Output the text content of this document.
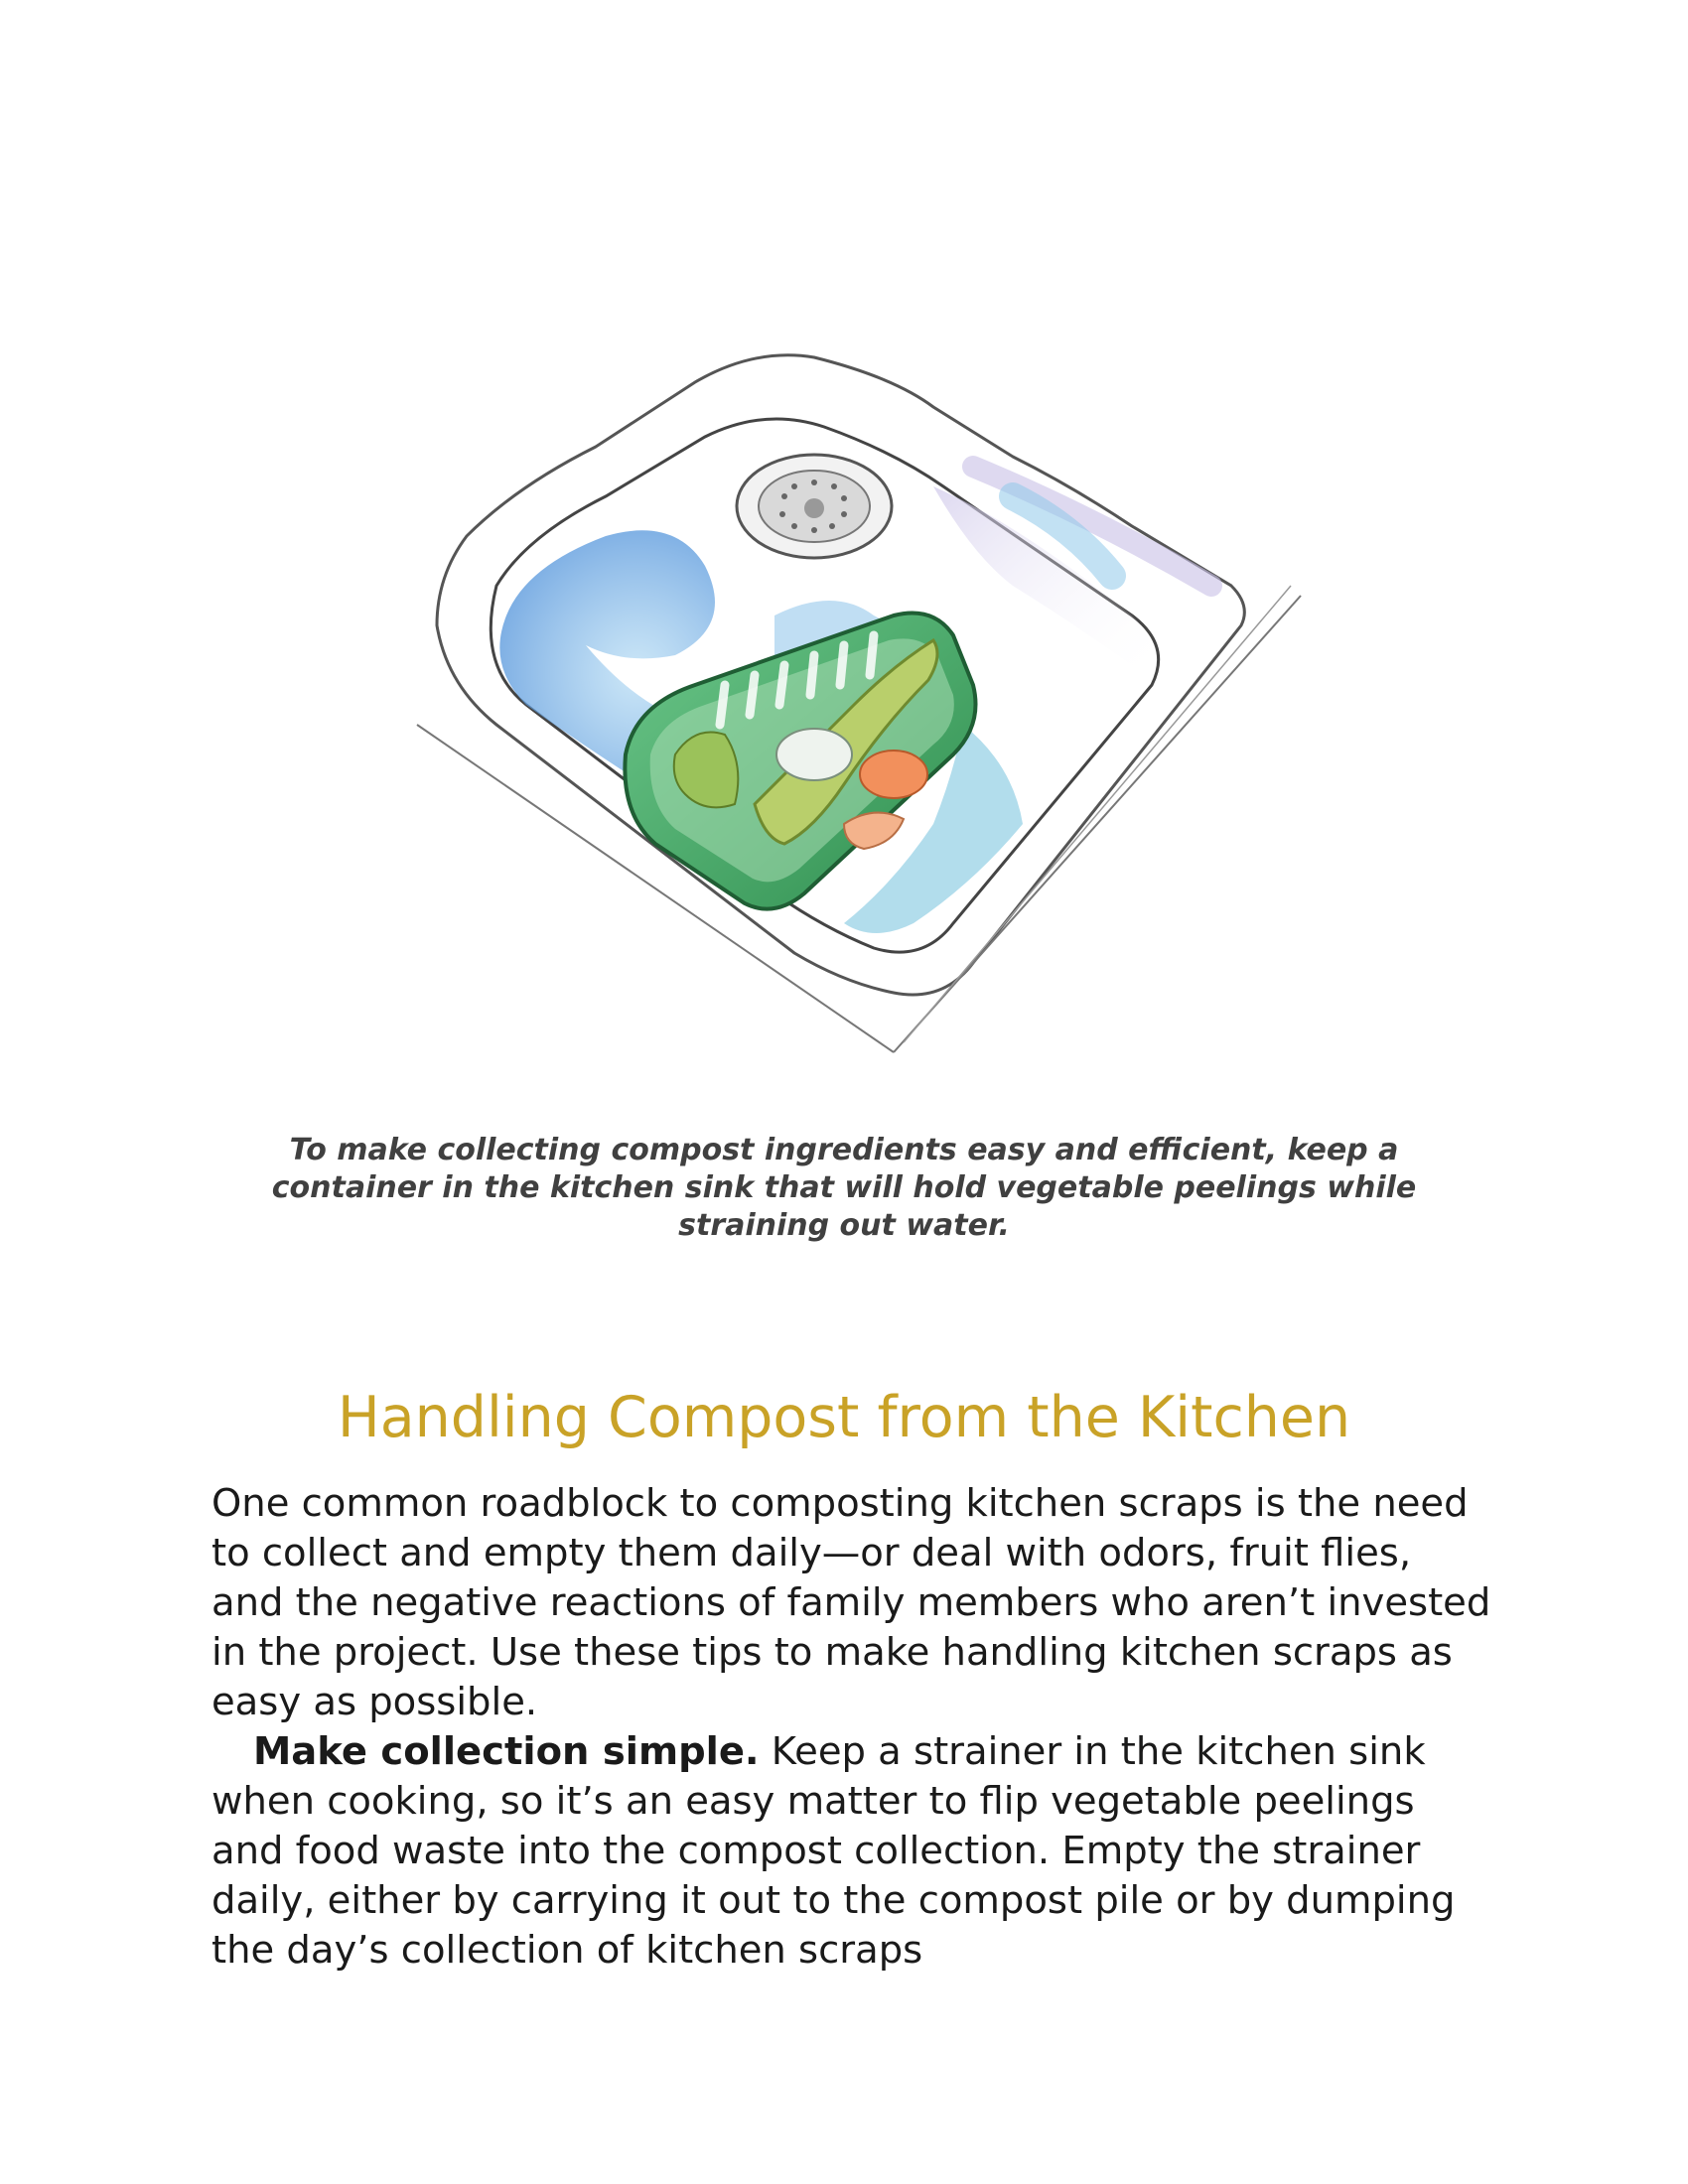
To make collecting compost ingredients easy and efficient, keep a container in the kitchen sink that will hold vegetable peelings while straining out water.
Handling Compost from the Kitchen

One common roadblock to composting kitchen scraps is the need to collect and empty them daily—or deal with odors, fruit flies, and the negative reactions of family members who aren’t invested in the project. Use these tips to make handling kitchen scraps as easy as possible.

Make collection simple. Keep a strainer in the kitchen sink when cooking, so it’s an easy matter to flip vegetable peelings and food waste into the compost collection. Empty the strainer daily, either by carrying it out to the compost pile or by dumping the day’s collection of kitchen scraps
